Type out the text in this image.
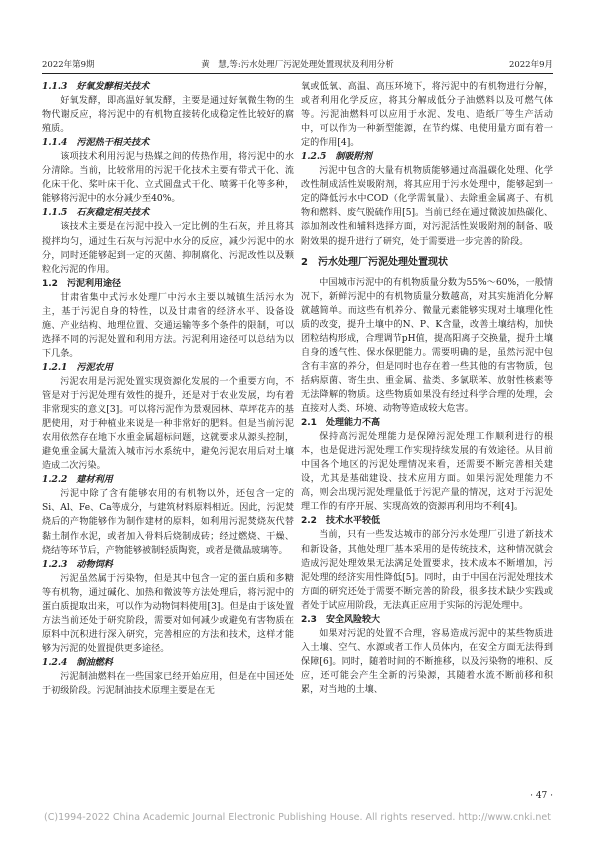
2022年第9期	黄　慧,等:污水处理厂污泥处理处置现状及利用分析	2022年9月
1.1.3　好氧发酵相关技术

好氧发酵，即高温好氧发酵，主要是通过好氧微生物的生物代谢反应，将污泥中的有机物直接转化成稳定性比较好的腐殖质。

1.1.4　污泥热干相关技术

该项技术利用污泥与热媒之间的传热作用，将污泥中的水分清除。当前，比较常用的污泥干化技术主要有带式干化、流化床干化、桨叶床干化、立式圆盘式干化、喷雾干化等多种，能够将污泥中的水分减少至40%。

1.1.5　石灰稳定相关技术

该技术主要是在污泥中投入一定比例的生石灰，并且将其搅拌均匀，通过生石灰与污泥中水分的反应，减少污泥中的水分，同时还能够起到一定的灭菌、抑制腐化、污泥改性以及颗粒化污泥的作用。

1.2　污泥利用途径

甘肃省集中式污水处理厂中污水主要以城镇生活污水为主，基于污泥自身的特性，以及甘肃省的经济水平、设备设施、产业结构、地理位置、交通运输等多个条件的限制，可以选择不同的污泥处置和利用方法。污泥利用途径可以总结为以下几条。

1.2.1　污泥农用

污泥农用是污泥处置实现资源化发展的一个重要方向，不管是对于污泥处理有效性的提升，还是对于农业发展，均有着非常现实的意义[3]。可以将污泥作为景观园林、草坪花卉的基肥使用，对于种植业来说是一种非常好的肥料。但是当前污泥农用依然存在地下水重金属超标问题，这就要求从源头控制，避免重金属大量流入城市污水系统中，避免污泥农用后对土壤造成二次污染。

1.2.2　建材利用

污泥中除了含有能够农用的有机物以外，还包含一定的Si、Al、Fe、Ca等成分，与建筑材料原料相近。因此，污泥焚烧后的产物能够作为制作建材的原料，如利用污泥焚烧灰代替黏土制作水泥，或者加入骨料后烧制成砖；经过燃烧、干燥、烧结等环节后，产物能够被制轻质陶瓷，或者是微晶玻璃等。

1.2.3　动物饲料

污泥虽然属于污染物，但是其中包含一定的蛋白质和多糖等有机物，通过碱化、加热和微波等方法处理后，将污泥中的蛋白质提取出来，可以作为动物饲料使用[3]。但是由于该处置方法当前还处于研究阶段，需要对如何减少或避免有害物质在原料中沉积进行深入研究，完善相应的方法和技术，这样才能够为污泥的处置提供更多途径。

1.2.4　制油燃料

污泥制油燃料在一些国家已经开始应用，但是在中国还处于初级阶段。污泥制油技术原理主要是在无

氧或低氧、高温、高压环境下，将污泥中的有机物进行分解，或者利用化学反应，将其分解成低分子油燃料以及可燃气体等。污泥油燃料可以应用于水泥、发电、造纸厂等生产活动中，可以作为一种新型能源，在节约煤、电使用量方面有着一定的作用[4]。

1.2.5　制吸附剂

污泥中包含的大量有机物质能够通过高温碳化处理、化学改性制成活性炭吸附剂，将其应用于污水处理中，能够起到一定的降低污水中COD（化学需氧量）、去除重金属离子、有机物和燃料、废气脱硫作用[5]。当前已经在通过微波加热碳化、添加剂改性和辅料选择方面，对污泥活性炭吸附剂的制备、吸附效果的提升进行了研究，处于需要进一步完善的阶段。

2　污水处理厂污泥处理处置现状

中国城市污泥中的有机物质量分数为55%～60%，一般情况下，新鲜污泥中的有机物质量分数越高，对其实施消化分解就越简单。而这些有机养分、微量元素能够实现对土壤理化性质的改变，提升土壤中的N、P、K含量，改善土壤结构，加快团粒结构形成，合理调节pH值，提高阳离子交换量，提升土壤自身的透气性、保水保肥能力。需要明确的是，虽然污泥中包含有丰富的养分，但是同时也存在着一些其他的有害物质，包括病原菌、寄生虫、重金属、盐类、多氯联苯、放射性核素等无法降解的物质。这些物质如果没有经过科学合理的处理，会直接对人类、环境、动物等造成较大危害。

2.1　处理能力不高

保持高污泥处理能力是保障污泥处理工作顺利进行的根本，也是促进污泥处理工作实现持续发展的有效途径。从目前中国各个地区的污泥处理情况来看，还需要不断完善相关建设，尤其是基础建设、技术应用方面。如果污泥处理能力不高，则会出现污泥处理量低于污泥产量的情况，这对于污泥处理工作的有序开展、实现高效的资源再利用均不利[4]。

2.2　技术水平较低

当前，只有一些发达城市的部分污水处理厂引进了新技术和新设备，其他处理厂基本采用的是传统技术，这种情况就会造成污泥处理效果无法满足处置要求，技术成本不断增加，污泥处理的经济实用性降低[5]。同时，由于中国在污泥处理技术方面的研究还处于需要不断完善的阶段，很多技术缺少实践或者处于试应用阶段，无法真正应用于实际的污泥处理中。

2.3　安全风险较大

如果对污泥的处置不合理，容易造成污泥中的某些物质进入土壤、空气、水源或者工作人员体内，在安全方面无法得到保障[6]。同时，随着时间的不断推移，以及污染物的堆积、反应，还可能会产生全新的污染源，其随着水流不断前移和积累，对当地的土壤、

· 47 ·
(C)1994-2022 China Academic Journal Electronic Publishing House. All rights reserved. http://www.cnki.net
